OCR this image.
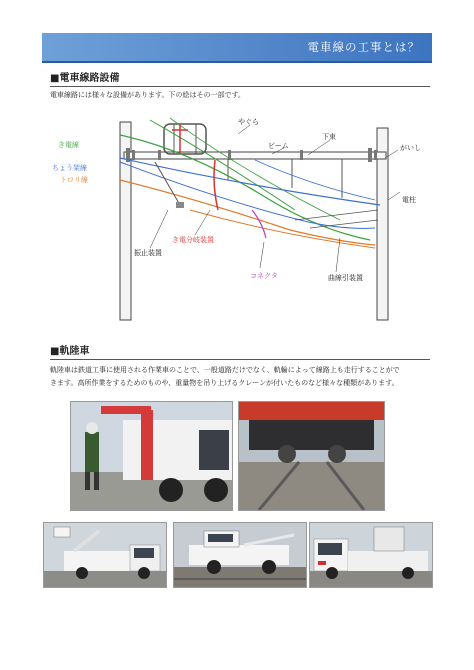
電車線の工事とは？
■電車線路設備
電車線路には様々な設備があります。下の絵はその一部です。
き電線
ちょう架線
トロリ線
やぐら
ビーム
下束
がいし
電柱
き電分岐装置
振止装置
コネクタ	曲線引装置
■軌陸車
軌陸車は鉄道工事に使用される作業車のことで、一般道路だけでなく、軌輪によって線路上も走行することがで
きます。高所作業をするためのものや、重量物を吊り上げるクレーンが付いたものなど様々な種類があります。
